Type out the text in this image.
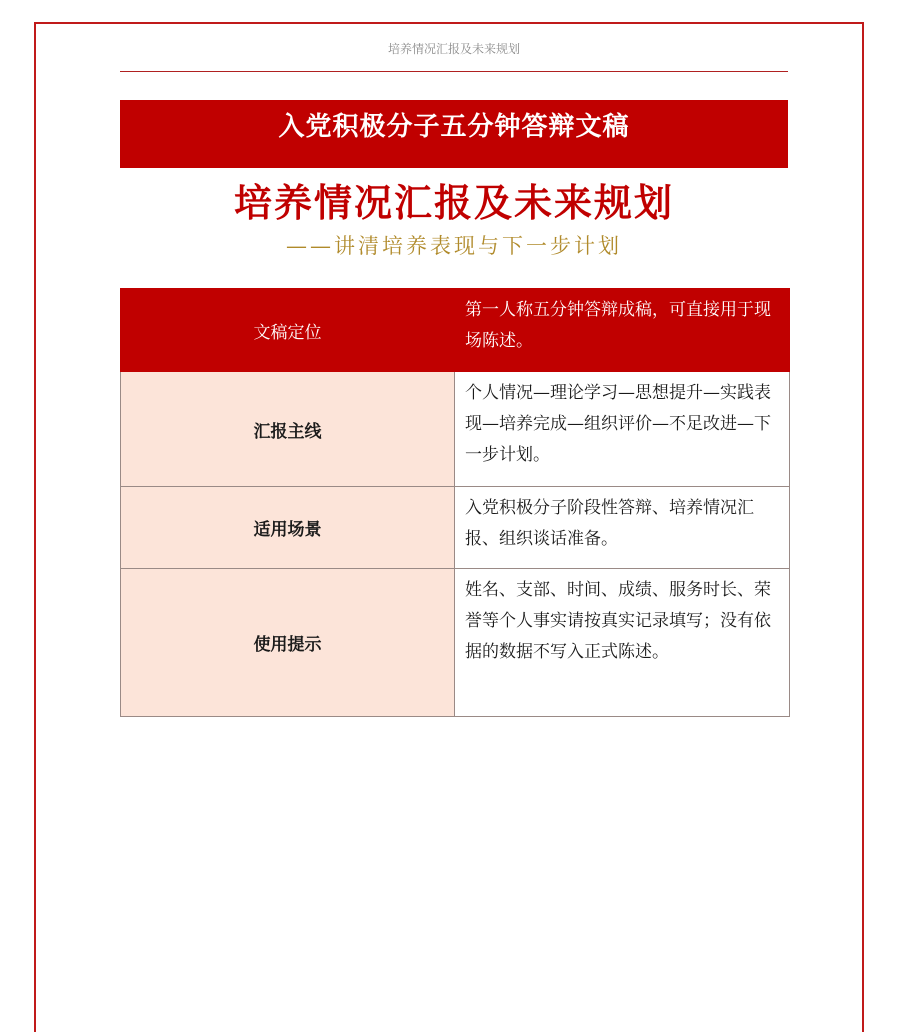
培养情况汇报及未来规划
入党积极分子五分钟答辩文稿
培养情况汇报及未来规划
——讲清培养表现与下一步计划
文稿定位	第一人称五分钟答辩成稿，可直接用于现场陈述。
汇报主线	个人情况—理论学习—思想提升—实践表现—培养完成—组织评价—不足改进—下一步计划。
适用场景	入党积极分子阶段性答辩、培养情况汇报、组织谈话准备。
使用提示	姓名、支部、时间、成绩、服务时长、荣誉等个人事实请按真实记录填写；没有依据的数据不写入正式陈述。
